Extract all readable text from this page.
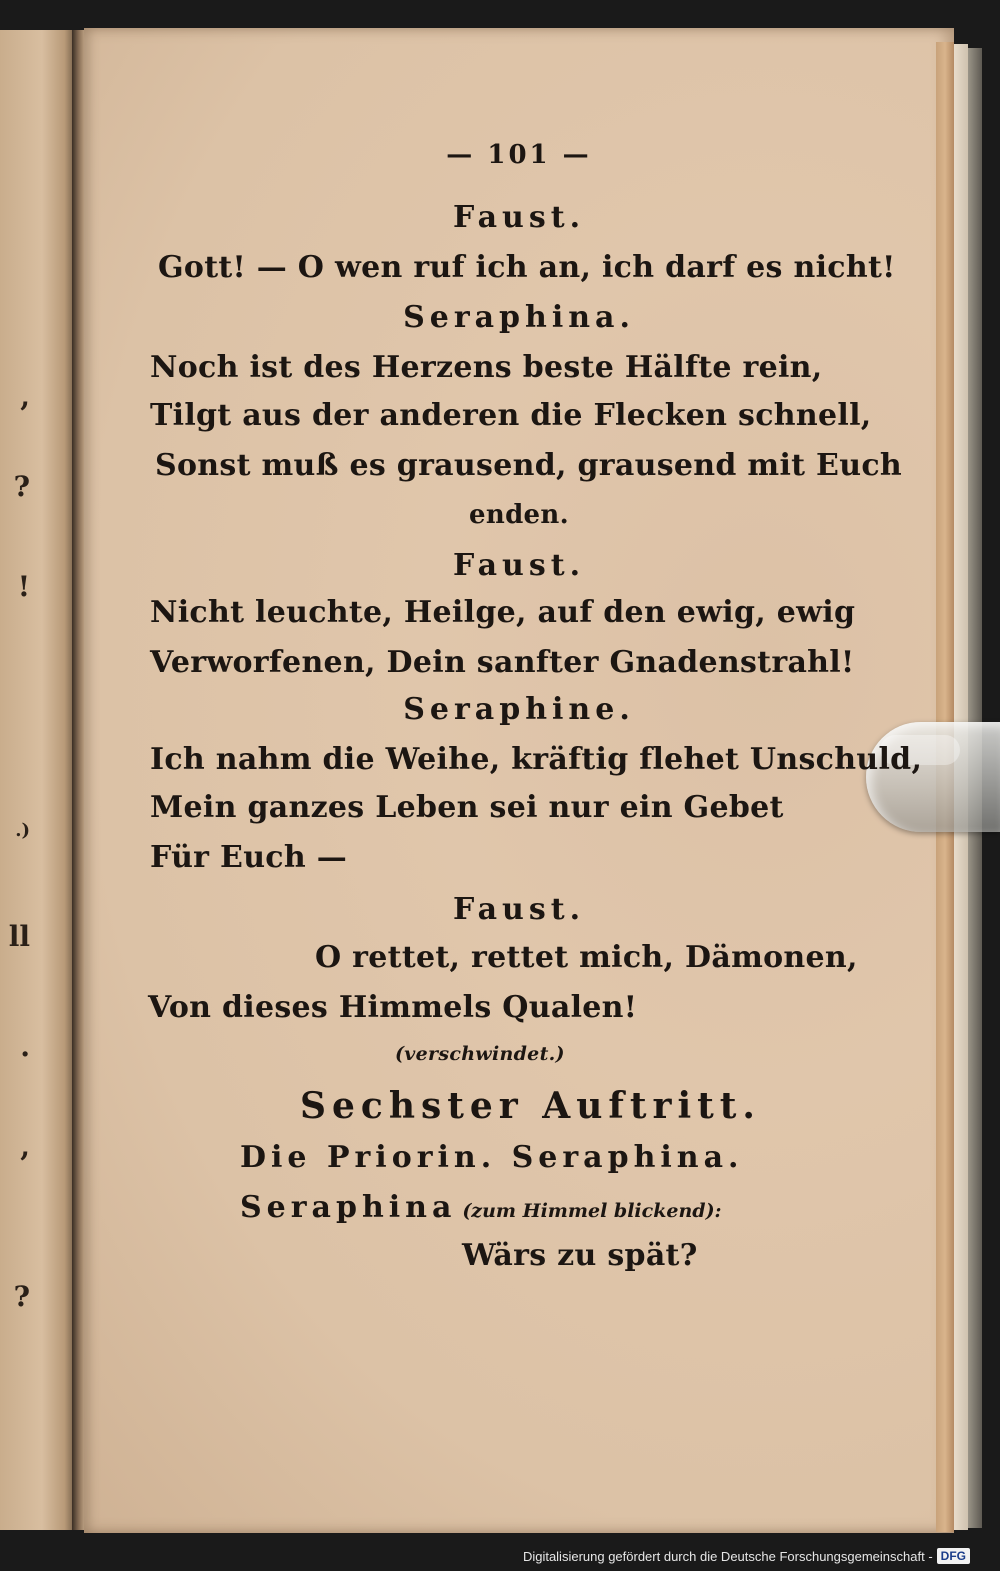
,
?
!
.)
ll
.
,
?
— 101 —
Faust.
Gott! — O wen ruf ich an, ich darf es nicht!
Seraphina.
Noch ist des Herzens beste Hälfte rein,
Tilgt aus der anderen die Flecken schnell,
Sonst muß es grausend, grausend mit Euch
enden.
Faust.
Nicht leuchte, Heilge, auf den ewig, ewig
Verworfenen, Dein sanfter Gnadenstrahl!
Seraphine.
Ich nahm die Weihe, kräftig flehet Unschuld,
Mein ganzes Leben sei nur ein Gebet
Für Euch —
Faust.
O rettet, rettet mich, Dämonen,
Von dieses Himmels Qualen!
(verschwindet.)
Sechster Auftritt.
Die Priorin. Seraphina.
Seraphina (zum Himmel blickend):
Wärs zu spät?
Digitalisierung gefördert durch die Deutsche Forschungsgemeinschaft - DFG
